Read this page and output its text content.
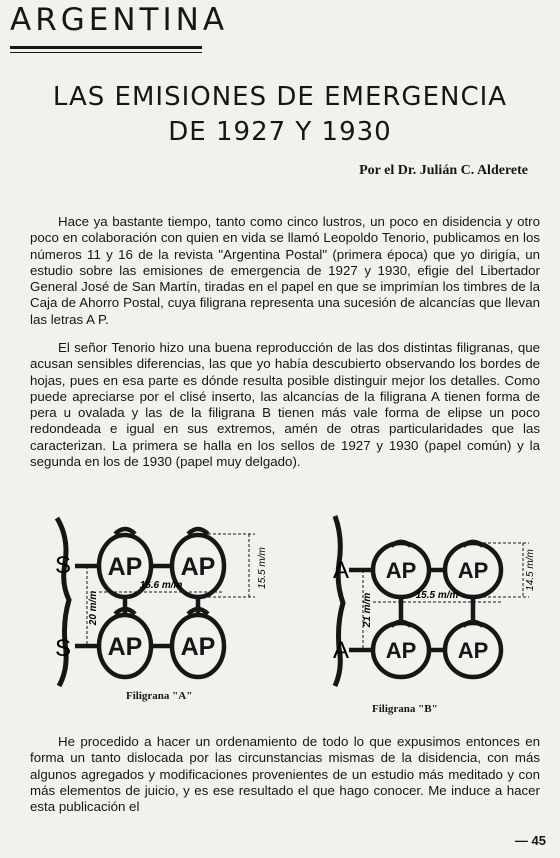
ARGENTINA
LAS EMISIONES DE EMERGENCIA
DE 1927 Y 1930
Por el Dr. Julián C. Alderete

Hace ya bastante tiempo, tanto como cinco lustros, un poco en disidencia y otro poco en colaboración con quien en vida se llamó Leopoldo Tenorio, publicamos en los números 11 y 16 de la revista "Argentina Postal" (primera época) que yo dirigía, un estudio sobre las emisiones de emergencia de 1927 y 1930, efigie del Libertador General José de San Martín, tiradas en el papel en que se imprimían los timbres de la Caja de Ahorro Postal, cuya filigrana representa una sucesión de alcancías que llevan las letras A P.

El señor Tenorio hizo una buena reproducción de las dos distintas filigranas, que acusan sensibles diferencias, las que yo había descubierto observando los bordes de hojas, pues en esa parte es dónde resulta posible distinguir mejor los detalles. Como puede apreciarse por el clisé inserto, las alcancías de la filigrana A tienen forma de pera u ovalada y las de la filigrana B tienen más vale forma de elipse un poco redondeada e igual en sus extremos, amén de otras particularidades que las caracterizan. La primera se halla en los sellos de 1927 y 1930 (papel común) y la segunda en los de 1930 (papel muy delgado).

S
S
AP AP
AP AP
15.5 m/m
16.6 m/m
20 m/m
Filigrana "A"
A
A
AP AP
AP AP
14.5 m/m
15.5 m/m
21 m/m
Filigrana "B"

He procedido a hacer un ordenamiento de todo lo que expusimos entonces en forma un tanto dislocada por las circunstancias mismas de la disidencia, con más algunos agregados y modificaciones provenientes de un estudio más meditado y con más elementos de juicio, y es ese resultado el que hago conocer. Me induce a hacer esta publicación el

— 45
